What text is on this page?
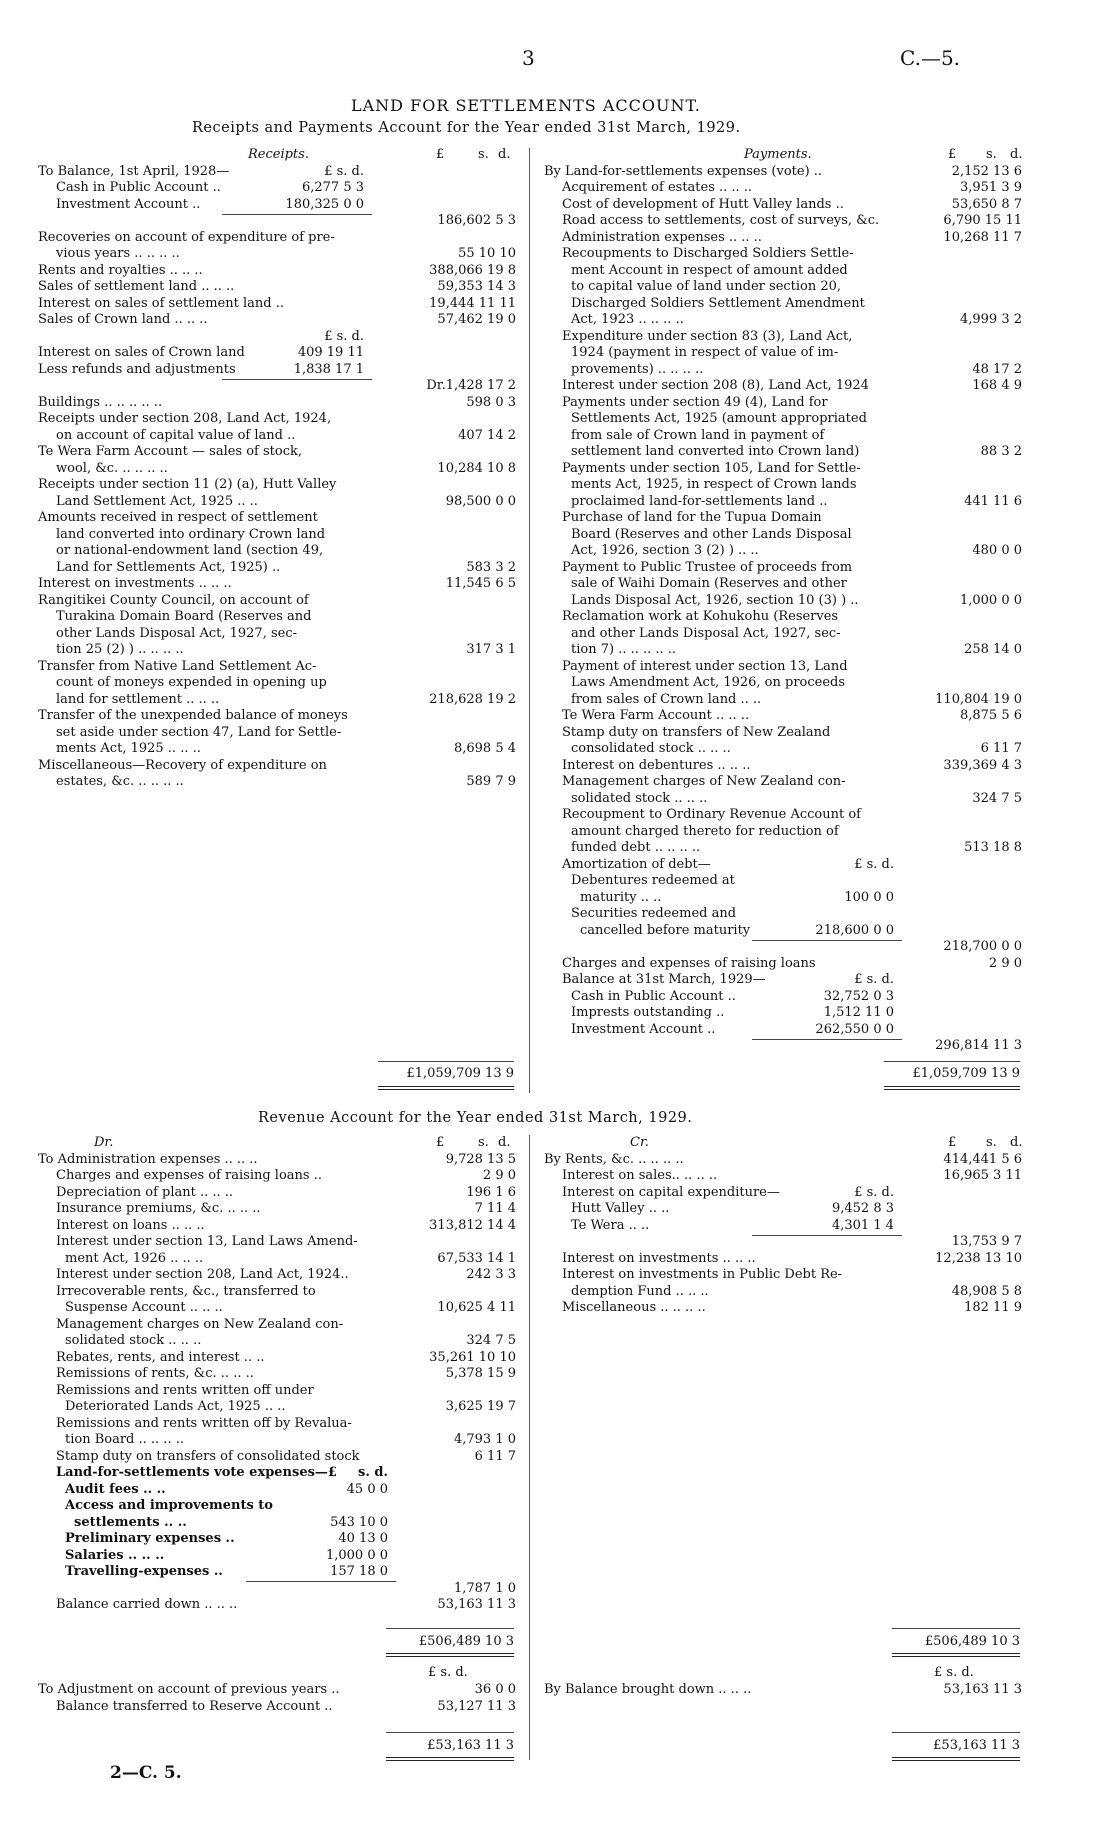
3	C.—5.
LAND FOR SETTLEMENTS ACCOUNT.
Receipts and Payments Account for the Year ended 31st March, 1929.
Receipts.	£	s. d.
To Balance, 1st April, 1928—	£ s. d.
Cash in Public Account ..	6,277 5 3
Investment Account ..	180,325 0 0
186,602 5 3
Recoveries on account of expenditure of pre-
vious years .. .. .. ..	55 10 10
Rents and royalties .. .. ..	388,066 19 8
Sales of settlement land .. .. ..	59,353 14 3
Interest on sales of settlement land ..	19,444 11 11
Sales of Crown land .. .. ..	57,462 19 0
£ s. d.
Interest on sales of Crown land	409 19 11
Less refunds and adjustments	1,838 17 1
Dr.1,428 17 2
Buildings .. .. .. .. ..	598 0 3
Receipts under section 208, Land Act, 1924,
on account of capital value of land ..	407 14 2
Te Wera Farm Account — sales of stock,
wool, &c. .. .. .. ..	10,284 10 8
Receipts under section 11 (2) (a), Hutt Valley
Land Settlement Act, 1925 .. ..	98,500 0 0
Amounts received in respect of settlement
land converted into ordinary Crown land
or national-endowment land (section 49,
Land for Settlements Act, 1925) ..	583 3 2
Interest on investments .. .. ..	11,545 6 5
Rangitikei County Council, on account of
Turakina Domain Board (Reserves and
other Lands Disposal Act, 1927, sec-
tion 25 (2) ) .. .. .. ..	317 3 1
Transfer from Native Land Settlement Ac-
count of moneys expended in opening up
land for settlement .. .. ..	218,628 19 2
Transfer of the unexpended balance of moneys
set aside under section 47, Land for Settle-
ments Act, 1925 .. .. ..	8,698 5 4
Miscellaneous—Recovery of expenditure on
estates, &c. .. .. .. ..	589 7 9
Payments.	£ s. d.
By Land-for-settlements expenses (vote) ..	2,152 13 6
Acquirement of estates .. .. ..	3,951 3 9
Cost of development of Hutt Valley lands ..	53,650 8 7
Road access to settlements, cost of surveys, &c.	6,790 15 11
Administration expenses .. .. ..	10,268 11 7
Recoupments to Discharged Soldiers Settle-
ment Account in respect of amount added
to capital value of land under section 20,
Discharged Soldiers Settlement Amendment
Act, 1923 .. .. .. ..	4,999 3 2
Expenditure under section 83 (3), Land Act,
1924 (payment in respect of value of im-
provements) .. .. .. ..	48 17 2
Interest under section 208 (8), Land Act, 1924	168 4 9
Payments under section 49 (4), Land for
Settlements Act, 1925 (amount appropriated
from sale of Crown land in payment of
settlement land converted into Crown land)	88 3 2
Payments under section 105, Land for Settle-
ments Act, 1925, in respect of Crown lands
proclaimed land-for-settlements land ..	441 11 6
Purchase of land for the Tupua Domain
Board (Reserves and other Lands Disposal
Act, 1926, section 3 (2) ) .. ..	480 0 0
Payment to Public Trustee of proceeds from
sale of Waihi Domain (Reserves and other
Lands Disposal Act, 1926, section 10 (3) ) ..	1,000 0 0
Reclamation work at Kohukohu (Reserves
and other Lands Disposal Act, 1927, sec-
tion 7) .. .. .. .. ..	258 14 0
Payment of interest under section 13, Land
Laws Amendment Act, 1926, on proceeds
from sales of Crown land .. ..	110,804 19 0
Te Wera Farm Account .. .. ..	8,875 5 6
Stamp duty on transfers of New Zealand
consolidated stock .. .. ..	6 11 7
Interest on debentures .. .. ..	339,369 4 3
Management charges of New Zealand con-
solidated stock .. .. ..	324 7 5
Recoupment to Ordinary Revenue Account of
amount charged thereto for reduction of
funded debt .. .. .. ..	513 18 8
Amortization of debt—	£ s. d.
Debentures redeemed at
maturity .. ..	100 0 0
Securities redeemed and
cancelled before maturity	218,600 0 0
218,700 0 0
Charges and expenses of raising loans	2 9 0
Balance at 31st March, 1929—	£ s. d.
Cash in Public Account ..	32,752 0 3
Imprests outstanding ..	1,512 11 0
Investment Account ..	262,550 0 0
296,814 11 3
£1,059,709 13 9	£1,059,709 13 9
Revenue Account for the Year ended 31st March, 1929.
Dr.	£	s. d.
To Administration expenses .. .. ..	9,728 13 5
Charges and expenses of raising loans ..	2 9 0
Depreciation of plant .. .. ..	196 1 6
Insurance premiums, &c. .. .. ..	7 11 4
Interest on loans .. .. ..	313,812 14 4
Interest under section 13, Land Laws Amend-
ment Act, 1926 .. .. ..	67,533 14 1
Interest under section 208, Land Act, 1924..	242 3 3
Irrecoverable rents, &c., transferred to
Suspense Account .. .. ..	10,625 4 11
Management charges on New Zealand con-
solidated stock .. .. ..	324 7 5
Rebates, rents, and interest .. ..	35,261 10 10
Remissions of rents, &c. .. .. ..	5,378 15 9
Remissions and rents written off under
Deteriorated Lands Act, 1925 .. ..	3,625 19 7
Remissions and rents written off by Revalua-
tion Board .. .. .. ..	4,793 1 0
Stamp duty on transfers of consolidated stock	6 11 7
Land-for-settlements vote expenses—£ s. d.
Audit fees .. ..	45 0 0
Access and improvements to
settlements .. ..	543 10 0
Preliminary expenses ..	40 13 0
Salaries .. .. ..	1,000 0 0
Travelling-expenses ..	157 18 0
1,787 1 0
Balance carried down .. .. ..	53,163 11 3
Cr.	£ s. d.
By Rents, &c. .. .. .. ..	414,441 5 6
Interest on sales.. .. .. ..	16,965 3 11
Interest on capital expenditure—	£ s. d.
Hutt Valley .. ..	9,452 8 3
Te Wera .. ..	4,301 1 4
13,753 9 7
Interest on investments .. .. ..	12,238 13 10
Interest on investments in Public Debt Re-
demption Fund .. .. ..	48,908 5 8
Miscellaneous .. .. .. ..	182 11 9
£506,489 10 3	£506,489 10 3
£ s. d.	£ s. d.
To Adjustment on account of previous years ..	36 0 0
Balance transferred to Reserve Account ..	53,127 11 3
By Balance brought down .. .. ..	53,163 11 3
£53,163 11 3	£53,163 11 3
2—C. 5.
